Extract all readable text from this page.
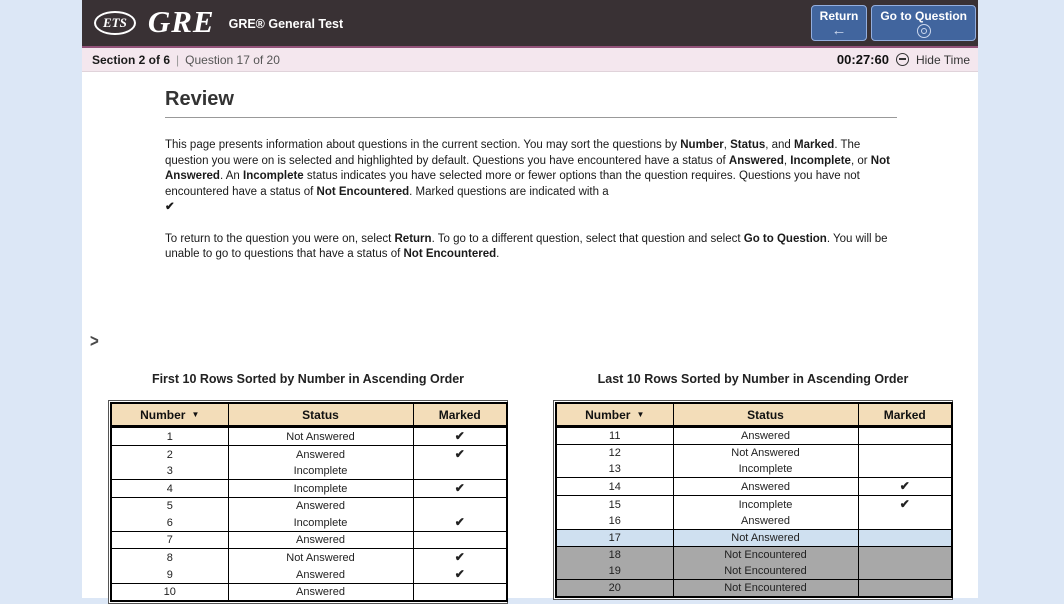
ETS GRE GRE® General Test
Return
←
Go to Question
Section 2 of 6 | Question 17 of 20	00:27:60 Hide Time
Review

This page presents information about questions in the current section. You may sort the questions by Number, Status, and Marked. The question you were on is selected and highlighted by default. Questions you have encountered have a status of Answered, Incomplete, or Not Answered. An Incomplete status indicates you have selected more or fewer options than the question requires. Questions you have not encountered have a status of Not Encountered. Marked questions are indicated with a
✔

To return to the question you were on, select Return. To go to a different question, select that question and select Go to Question. You will be unable to go to questions that have a status of Not Encountered.

>
First 10 Rows Sorted by Number in Ascending Order
Number ▼	Status	Marked
1	Not Answered	✔
2	Answered	✔
3	Incomplete	
4	Incomplete	✔
5	Answered	
6	Incomplete	✔
7	Answered	
8	Not Answered	✔
9	Answered	✔
10	Answered	
Last 10 Rows Sorted by Number in Ascending Order
Number ▼	Status	Marked
11	Answered	
12	Not Answered	
13	Incomplete	
14	Answered	✔
15	Incomplete	✔
16	Answered	
17	Not Answered	
18	Not Encountered	
19	Not Encountered	
20	Not Encountered	
